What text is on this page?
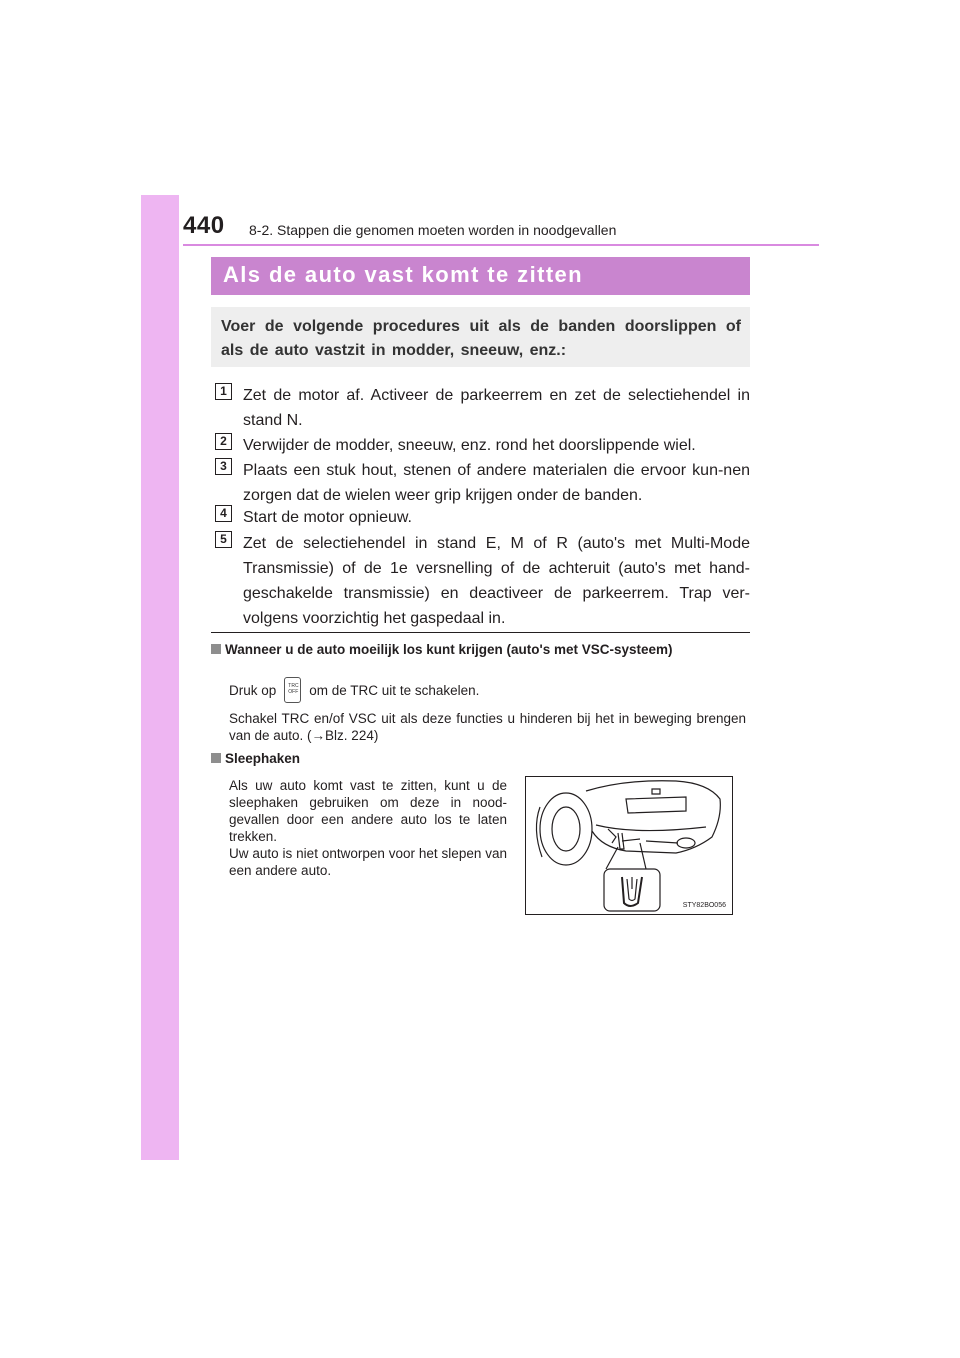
440 8-2. Stappen die genomen moeten worden in noodgevallen
Als de auto vast komt te zitten

Voer de volgende procedures uit als de banden doorslippen of als de auto vastzit in modder, sneeuw, enz.:

1	Zet de motor af. Activeer de parkeerrem en zet de selectiehendel in stand N.
2	Verwijder de modder, sneeuw, enz. rond het doorslippende wiel.
3	Plaats een stuk hout, stenen of andere materialen die ervoor kun-nen zorgen dat de wielen weer grip krijgen onder de banden.
4	Start de motor opnieuw.
5	Zet de selectiehendel in stand E, M of R (auto's met Multi-Mode Transmissie) of de 1e versnelling of de achteruit (auto's met hand-geschakelde transmissie) en deactiveer de parkeerrem. Trap ver-volgens voorzichtig het gaspedaal in.
Wanneer u de auto moeilijk los kunt krijgen (auto's met VSC-systeem)
Druk op TRC OFF om de TRC uit te schakelen.
Schakel TRC en/of VSC uit als deze functies u hinderen bij het in beweging brengen van de auto. (→Blz. 224)
Sleephaken
Als uw auto komt vast te zitten, kunt u de sleephaken gebruiken om deze in nood-gevallen door een andere auto los te laten trekken.
Uw auto is niet ontworpen voor het slepen van een andere auto.
STY82BO056
